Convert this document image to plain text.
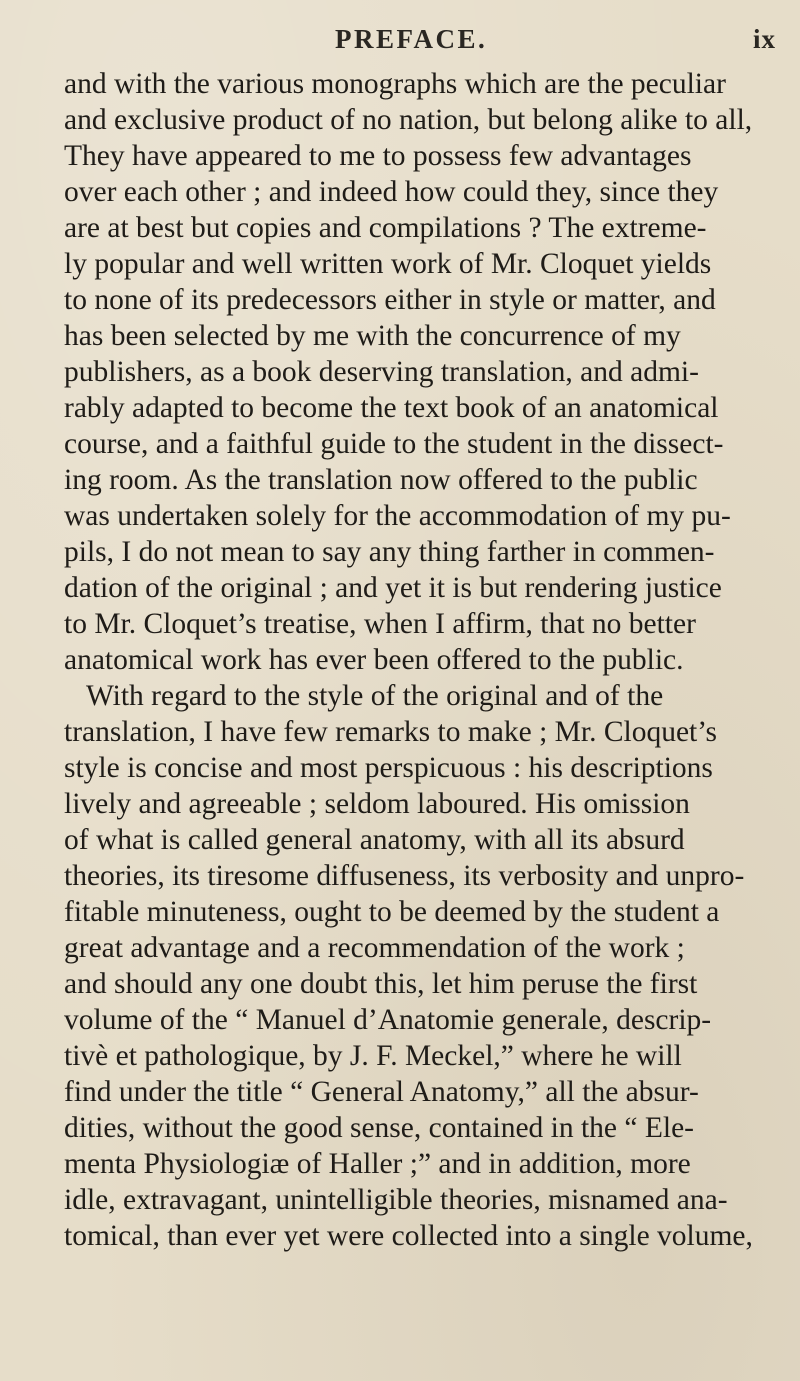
PREFACE.	ix
and with the various monographs which are the peculiar
and exclusive product of no nation, but belong alike to all,
They have appeared to me to possess few advantages
over each other ; and indeed how could they, since they
are at best but copies and compilations ? The extreme-
ly popular and well written work of Mr. Cloquet yields
to none of its predecessors either in style or matter, and
has been selected by me with the concurrence of my
publishers, as a book deserving translation, and admi-
rably adapted to become the text book of an anatomical
course, and a faithful guide to the student in the dissect-
ing room. As the translation now offered to the public
was undertaken solely for the accommodation of my pu-
pils, I do not mean to say any thing farther in commen-
dation of the original ; and yet it is but rendering justice
to Mr. Cloquet’s treatise, when I affirm, that no better
anatomical work has ever been offered to the public.
With regard to the style of the original and of the
translation, I have few remarks to make ; Mr. Cloquet’s
style is concise and most perspicuous : his descriptions
lively and agreeable ; seldom laboured. His omission
of what is called general anatomy, with all its absurd
theories, its tiresome diffuseness, its verbosity and unpro-
fitable minuteness, ought to be deemed by the student a
great advantage and a recommendation of the work ;
and should any one doubt this, let him peruse the first
volume of the “ Manuel d’Anatomie generale, descrip-
tivè et pathologique, by J. F. Meckel,” where he will
find under the title “ General Anatomy,” all the absur-
dities, without the good sense, contained in the “ Ele-
menta Physiologiæ of Haller ;” and in addition, more
idle, extravagant, unintelligible theories, misnamed ana-
tomical, than ever yet were collected into a single volume,
